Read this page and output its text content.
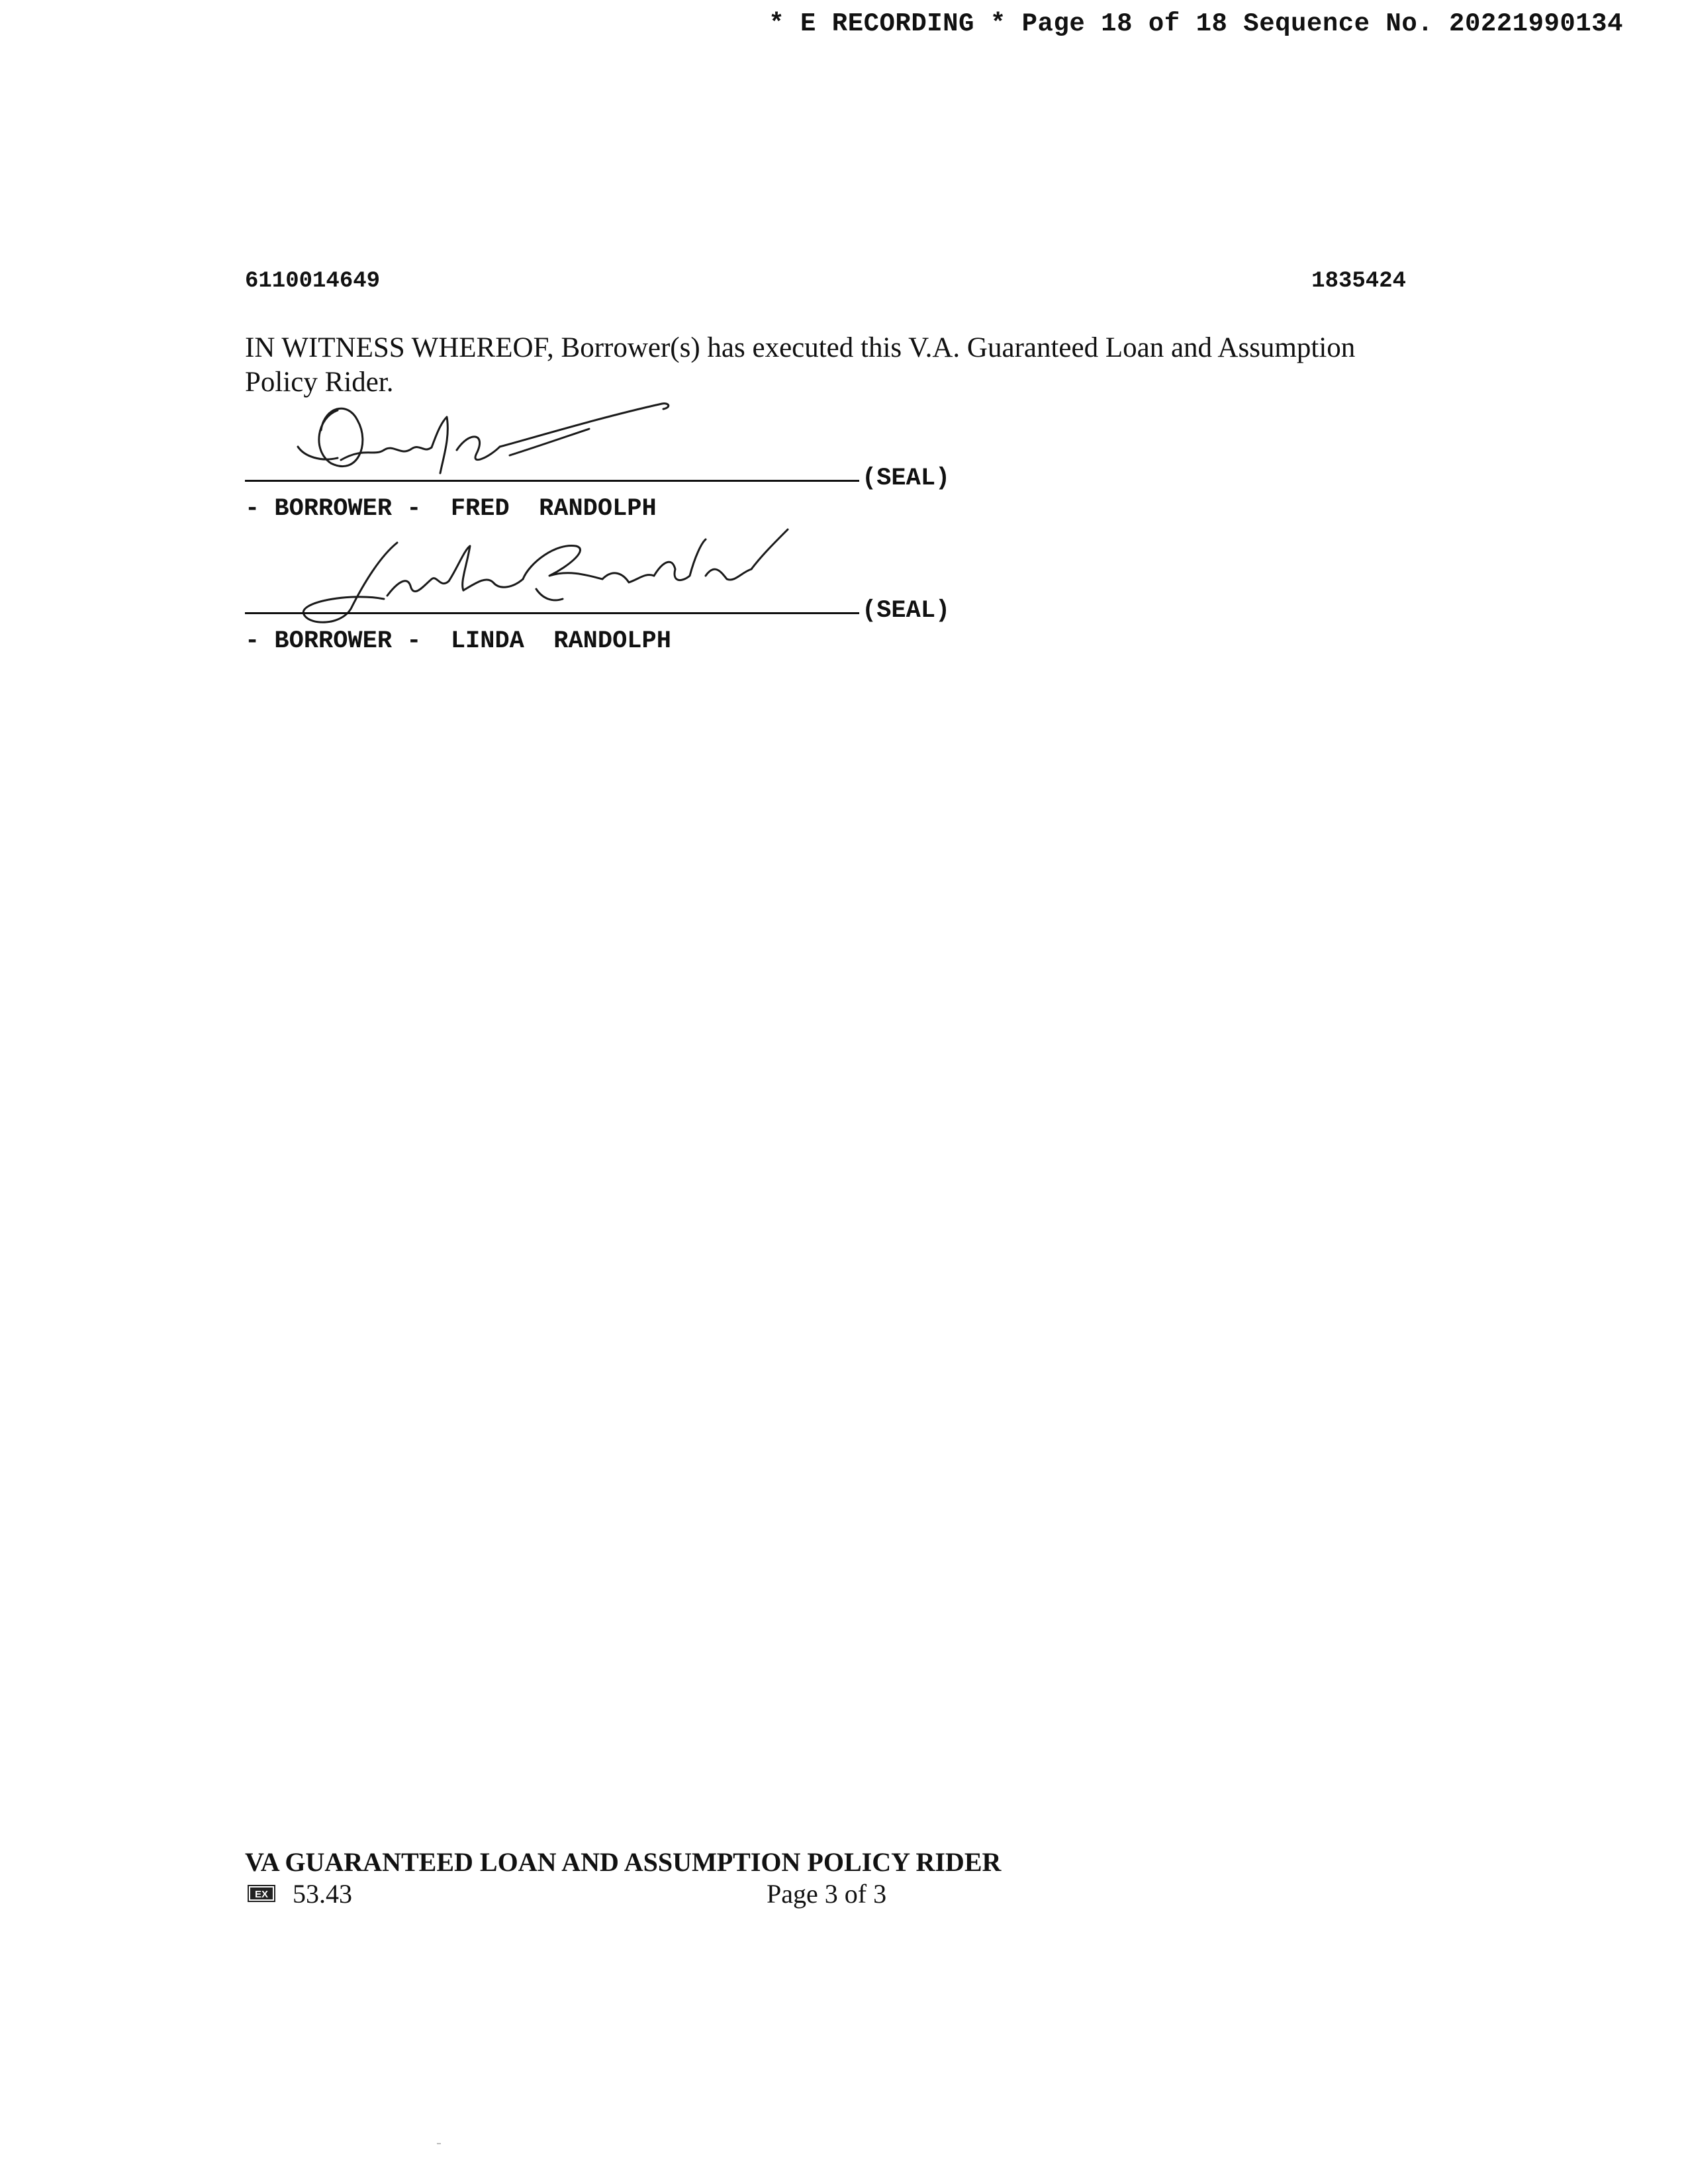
* E RECORDING * Page 18 of 18 Sequence No. 20221990134
6110014649	1835424

IN WITNESS WHEREOF, Borrower(s) has executed this V.A. Guaranteed Loan and Assumption Policy Rider.

(SEAL)
- BORROWER -  FRED  RANDOLPH
(SEAL)
- BORROWER -  LINDA  RANDOLPH
VA GUARANTEED LOAN AND ASSUMPTION POLICY RIDER
EX 53.43	Page 3 of 3
